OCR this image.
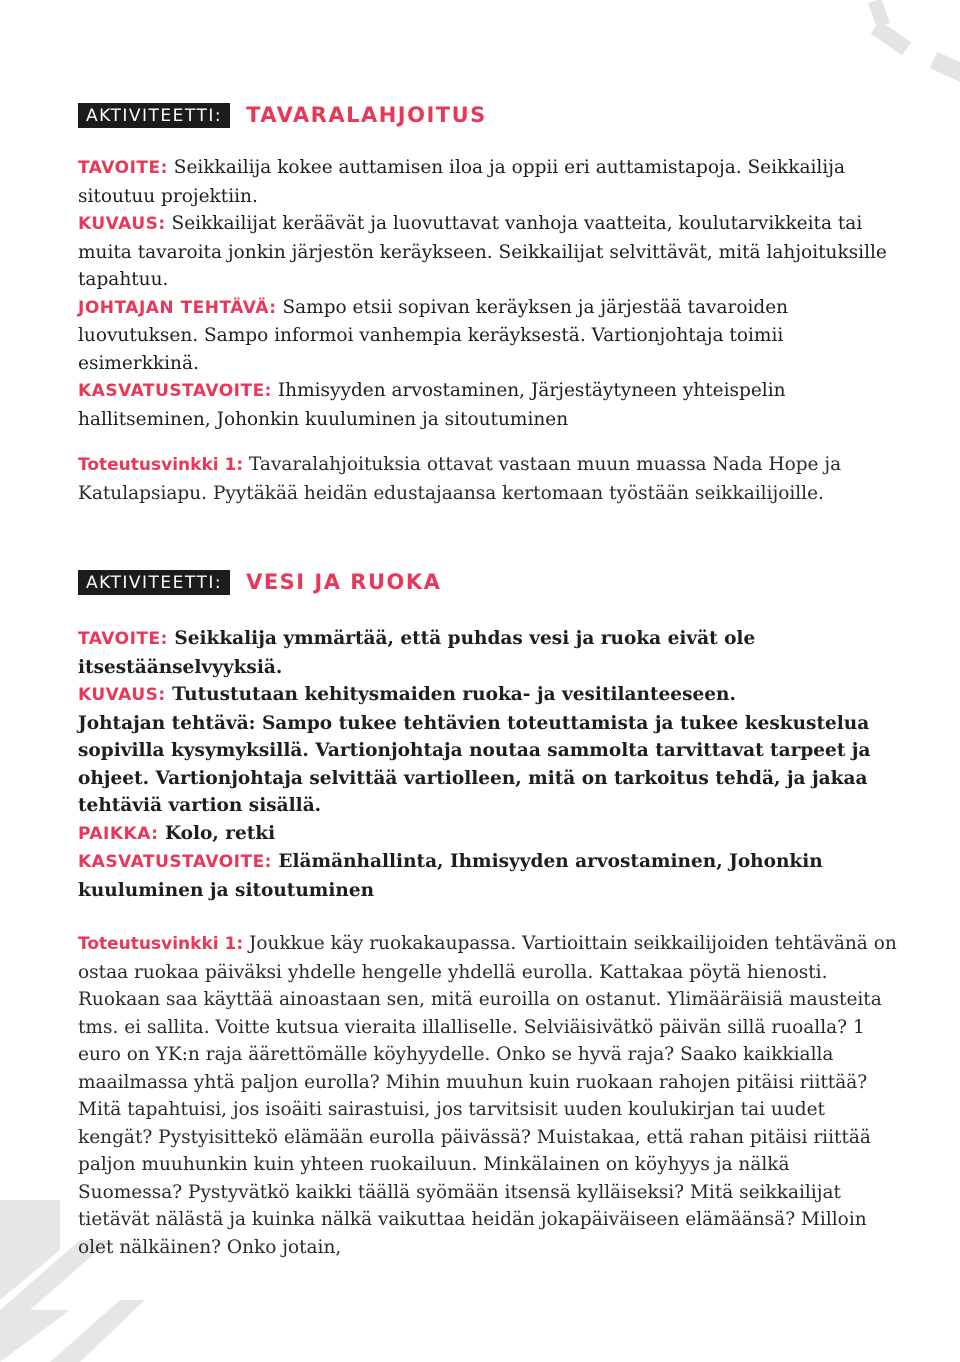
AKTIVITEETTI:	TAVARALAHJOITUS

TAVOITE: Seikkailija kokee auttamisen iloa ja oppii eri auttamistapoja. Seikkailija sitoutuu projektiin.

KUVAUS: Seikkailijat keräävät ja luovuttavat vanhoja vaatteita, koulutarvikkeita tai muita tavaroita jonkin järjestön keräykseen. Seikkailijat selvittävät, mitä lahjoituksille tapahtuu.

JOHTAJAN TEHTÄVÄ: Sampo etsii sopivan keräyksen ja järjestää tavaroiden luovutuksen. Sampo informoi vanhempia keräyksestä. Vartionjohtaja toimii esimerkkinä.

KASVATUSTAVOITE: Ihmisyyden arvostaminen, Järjestäytyneen yhteispelin hallitseminen, Johonkin kuuluminen ja sitoutuminen

Toteutusvinkki 1: Tavaralahjoituksia ottavat vastaan muun muassa Nada Hope ja Katulapsiapu. Pyytäkää heidän edustajaansa kertomaan työstään seikkailijoille.

AKTIVITEETTI:	VESI JA RUOKA

TAVOITE: Seikkalija ymmärtää, että puhdas vesi ja ruoka eivät ole itsestäänselvyyksiä.

KUVAUS: Tutustutaan kehitysmaiden ruoka- ja vesitilanteeseen.

Johtajan tehtävä: Sampo tukee tehtävien toteuttamista ja tukee keskustelua sopivilla kysymyksillä. Vartionjohtaja noutaa sammolta tarvittavat tarpeet ja ohjeet. Vartionjohtaja selvittää vartiolleen, mitä on tarkoitus tehdä, ja jakaa tehtäviä vartion sisällä.

PAIKKA: Kolo, retki

KASVATUSTAVOITE: Elämänhallinta, Ihmisyyden arvostaminen, Johonkin kuuluminen ja sitoutuminen

Toteutusvinkki 1: Joukkue käy ruokakaupassa. Vartioittain seikkailijoiden tehtävänä on ostaa ruokaa päiväksi yhdelle hengelle yhdellä eurolla. Kattakaa pöytä hienosti. Ruokaan saa käyttää ainoastaan sen, mitä euroilla on ostanut. Ylimääräisiä mausteita tms. ei sallita. Voitte kutsua vieraita illalliselle. Selviäisivätkö päivän sillä ruoalla? 1 euro on YK:n raja äärettömälle köyhyydelle. Onko se hyvä raja? Saako kaikkialla maailmassa yhtä paljon eurolla? Mihin muuhun kuin ruokaan rahojen pitäisi riittää? Mitä tapahtuisi, jos isoäiti sairastuisi, jos tarvitsisit uuden koulukirjan tai uudet kengät? Pystyisittekö elämään eurolla päivässä? Muistakaa, että rahan pitäisi riittää paljon muuhunkin kuin yhteen ruokailuun. Minkälainen on köyhyys ja nälkä Suomessa? Pystyvätkö kaikki täällä syömään itsensä kylläiseksi? Mitä seikkailijat tietävät nälästä ja kuinka nälkä vaikuttaa heidän jokapäiväiseen elämäänsä? Milloin olet nälkäinen? Onko jotain,
